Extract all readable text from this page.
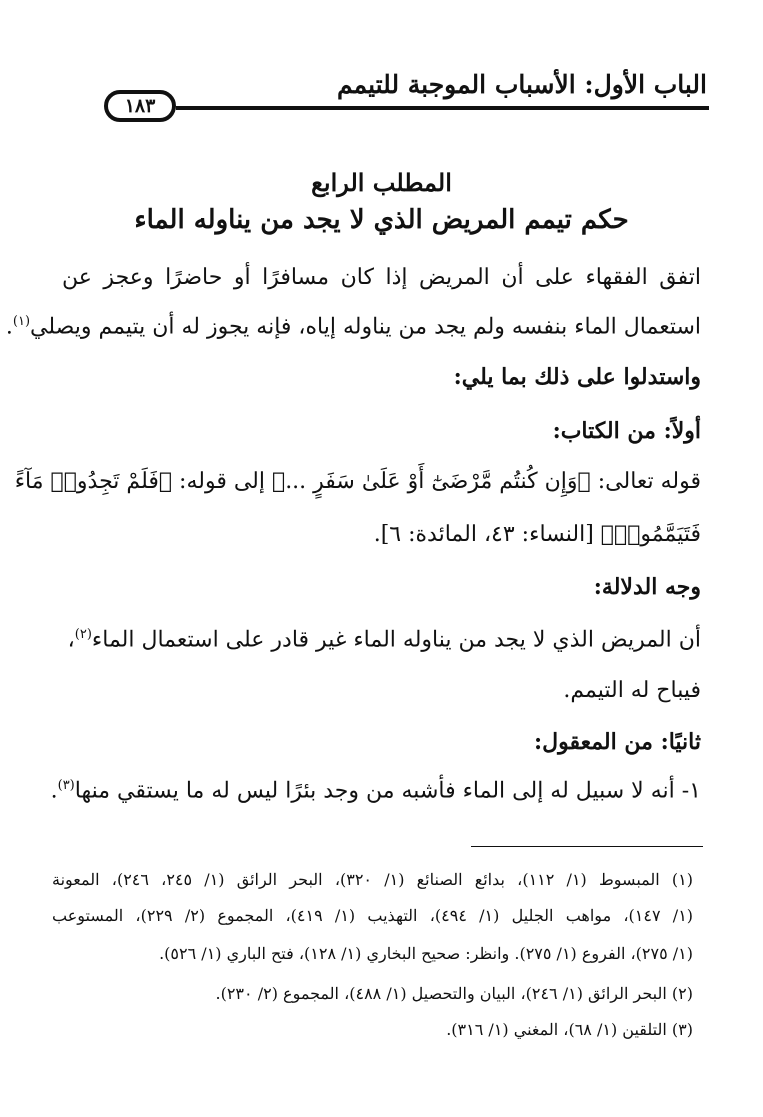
الباب الأول: الأسباب الموجبة للتيمم
١٨٣
المطلب الرابع
حكم تيمم المريض الذي لا يجد من يناوله الماء
اتفق الفقهاء على أن المريض إذا كان مسافرًا أو حاضرًا وعجز عن
استعمال الماء بنفسه ولم يجد من يناوله إياه، فإنه يجوز له أن يتيمم ويصلي$^{(١)}$.
واستدلوا على ذلك بما يلي:
أولاً: من الكتاب:
قوله تعالى: ﴿وَإِن كُنتُم مَّرْضَىٰٓ أَوْ عَلَىٰ سَفَرٍ ...﴾ إلى قوله: ﴿فَلَمْ تَجِدُوا۟ مَآءً
فَتَيَمَّمُوا۟﴾ [النساء: ٤٣، المائدة: ٦].
وجه الدلالة:
أن المريض الذي لا يجد من يناوله الماء غير قادر على استعمال الماء$^{(٢)}$،
فيباح له التيمم.
ثانيًا: من المعقول:
١- أنه لا سبيل له إلى الماء فأشبه من وجد بئرًا ليس له ما يستقي منها$^{(٣)}$.
(١) المبسوط (١/ ١١٢)، بدائع الصنائع (١/ ٣٢٠)، البحر الرائق (١/ ٢٤٥، ٢٤٦)، المعونة
(١/ ١٤٧)، مواهب الجليل (١/ ٤٩٤)، التهذيب (١/ ٤١٩)، المجموع (٢/ ٢٢٩)، المستوعب
(١/ ٢٧٥)، الفروع (١/ ٢٧٥). وانظر: صحيح البخاري (١/ ١٢٨)، فتح الباري (١/ ٥٢٦).
(٢) البحر الرائق (١/ ٢٤٦)، البيان والتحصيل (١/ ٤٨٨)، المجموع (٢/ ٢٣٠).
(٣) التلقين (١/ ٦٨)، المغني (١/ ٣١٦).
